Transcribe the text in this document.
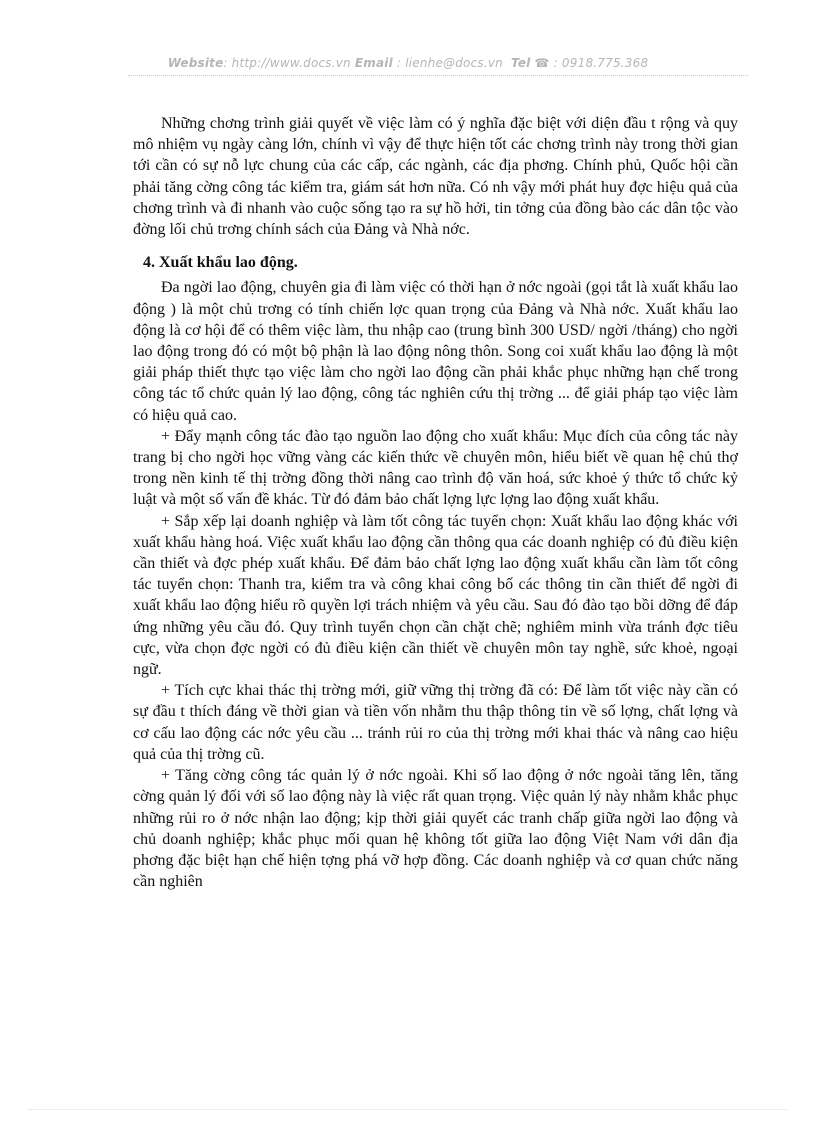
Website: http://www.docs.vn Email : lienhe@docs.vn Tel ☎ : 0918.775.368

Những chơng trình giải quyết về việc làm có ý nghĩa đặc biệt với diện đầu t rộng và quy mô nhiệm vụ ngày càng lớn, chính vì vậy để thực hiện tốt các chơng trình này trong thời gian tới cần có sự nỗ lực chung của các cấp, các ngành, các địa phơng. Chính phủ, Quốc hội cần phải tăng cờng công tác kiểm tra, giám sát hơn nữa. Có nh vậy mới phát huy đợc hiệu quả của chơng trình và đi nhanh vào cuộc sống tạo ra sự hồ hởi, tin tởng của đồng bào các dân tộc vào đờng lối chủ trơng chính sách của Đảng và Nhà nớc.

4. Xuất khẩu lao động.

Đa ngời lao động, chuyên gia đi làm việc có thời hạn ở nớc ngoài (gọi tắt là xuất khẩu lao động ) là một chủ trơng có tính chiến lợc quan trọng của Đảng và Nhà nớc. Xuất khẩu lao động là cơ hội để có thêm việc làm, thu nhập cao (trung bình 300 USD/ ngời /tháng) cho ngời lao động trong đó có một bộ phận là lao động nông thôn. Song coi xuất khẩu lao động là một giải pháp thiết thực tạo việc làm cho ngời lao động cần phải khắc phục những hạn chế trong công tác tổ chức quản lý lao động, công tác nghiên cứu thị trờng ... để giải pháp tạo việc làm có hiệu quả cao.

+ Đẩy mạnh công tác đào tạo nguồn lao động cho xuất khẩu: Mục đích của công tác này trang bị cho ngời học vững vàng các kiến thức về chuyên môn, hiểu biết về quan hệ chủ thợ trong nền kinh tế thị trờng đồng thời nâng cao trình độ văn hoá, sức khoẻ ý thức tổ chức kỷ luật và một số vấn đề khác. Từ đó đảm bảo chất lợng lực lợng lao động xuất khẩu.

+ Sắp xếp lại doanh nghiệp và làm tốt công tác tuyển chọn: Xuất khẩu lao động khác với xuất khẩu hàng hoá. Việc xuất khẩu lao động cần thông qua các doanh nghiệp có đủ điều kiện cần thiết và đợc phép xuất khẩu. Để đảm bảo chất lợng lao động xuất khẩu cần làm tốt công tác tuyển chọn: Thanh tra, kiểm tra và công khai công bố các thông tin cần thiết để ngời đi xuất khẩu lao động hiểu rõ quyền lợi trách nhiệm và yêu cầu. Sau đó đào tạo bồi dỡng để đáp ứng những yêu cầu đó. Quy trình tuyển chọn cần chặt chẽ; nghiêm minh vừa tránh đợc tiêu cực, vừa chọn đợc ngời có đủ điều kiện cần thiết về chuyên môn tay nghề, sức khoẻ, ngoại ngữ.

+ Tích cực khai thác thị trờng mới, giữ vững thị trờng đã có: Để làm tốt việc này cần có sự đầu t thích đáng về thời gian và tiền vốn nhằm thu thập thông tin về số lợng, chất lợng và cơ cấu lao động các nớc yêu cầu ... tránh rủi ro của thị trờng mới khai thác và nâng cao hiệu quả của thị trờng cũ.

+ Tăng cờng công tác quản lý ở nớc ngoài. Khi số lao động ở nớc ngoài tăng lên, tăng cờng quản lý đối với số lao động này là việc rất quan trọng. Việc quản lý này nhằm khắc phục những rủi ro ở nớc nhận lao động; kịp thời giải quyết các tranh chấp giữa ngời lao động và chủ doanh nghiệp; khắc phục mối quan hệ không tốt giữa lao động Việt Nam với dân địa phơng đặc biệt hạn chế hiện tợng phá vỡ hợp đồng. Các doanh nghiệp và cơ quan chức năng cần nghiên
